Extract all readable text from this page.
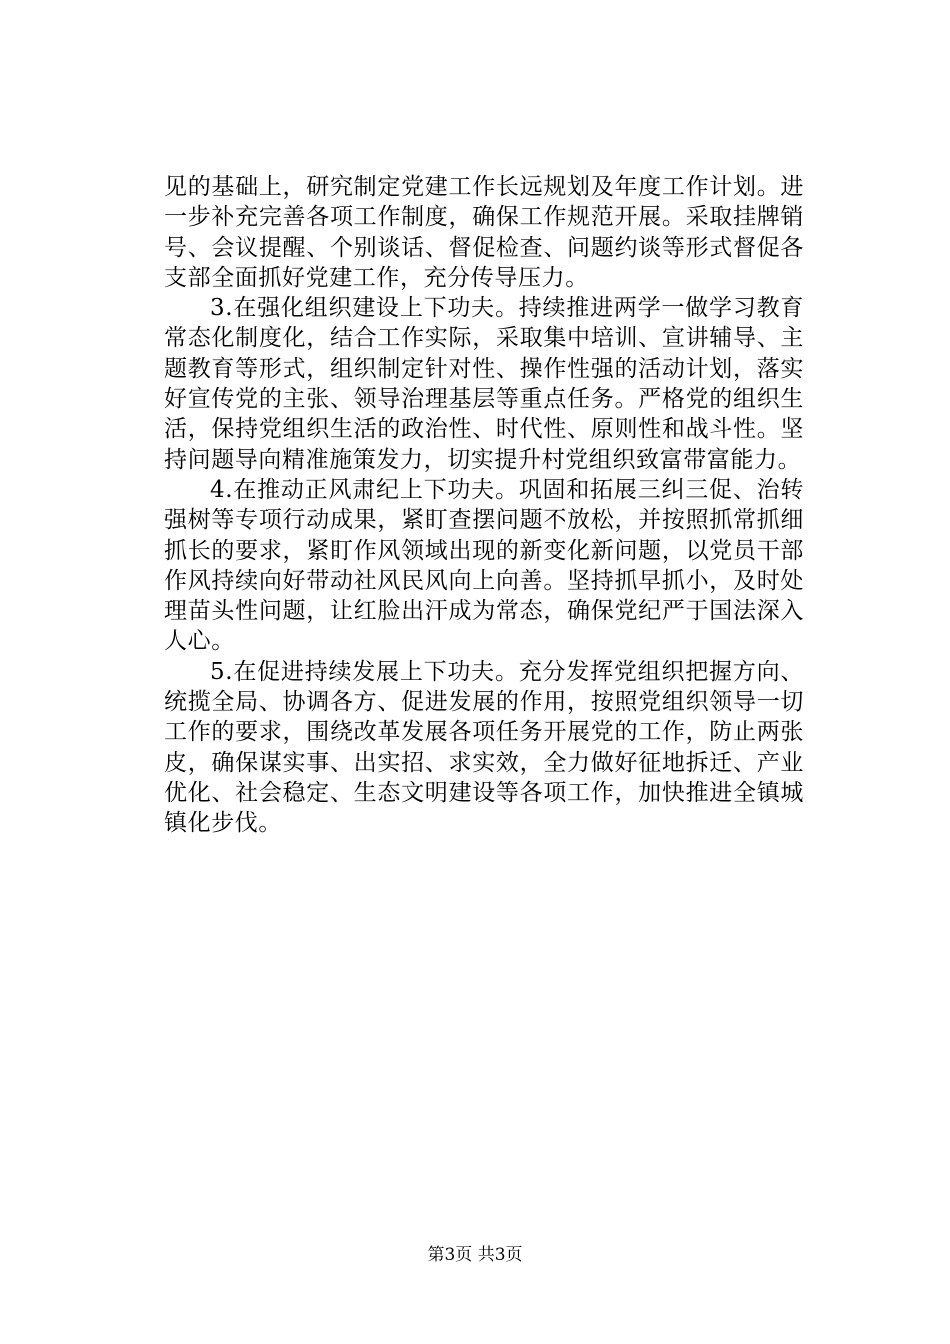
见的基础上，研究制定党建工作长远规划及年度工作计划。进一步补充完善各项工作制度，确保工作规范开展。采取挂牌销号、会议提醒、个别谈话、督促检查、问题约谈等形式督促各支部全面抓好党建工作，充分传导压力。

3.在强化组织建设上下功夫。持续推进两学一做学习教育常态化制度化，结合工作实际，采取集中培训、宣讲辅导、主题教育等形式，组织制定针对性、操作性强的活动计划，落实好宣传党的主张、领导治理基层等重点任务。严格党的组织生活，保持党组织生活的政治性、时代性、原则性和战斗性。坚持问题导向精准施策发力，切实提升村党组织致富带富能力。

4.在推动正风肃纪上下功夫。巩固和拓展三纠三促、治转强树等专项行动成果，紧盯查摆问题不放松，并按照抓常抓细抓长的要求，紧盯作风领域出现的新变化新问题，以党员干部作风持续向好带动社风民风向上向善。坚持抓早抓小，及时处理苗头性问题，让红脸出汗成为常态，确保党纪严于国法深入人心。

5.在促进持续发展上下功夫。充分发挥党组织把握方向、统揽全局、协调各方、促进发展的作用，按照党组织领导一切工作的要求，围绕改革发展各项任务开展党的工作，防止两张皮，确保谋实事、出实招、求实效，全力做好征地拆迁、产业优化、社会稳定、生态文明建设等各项工作，加快推进全镇城镇化步伐。

第3页 共3页
